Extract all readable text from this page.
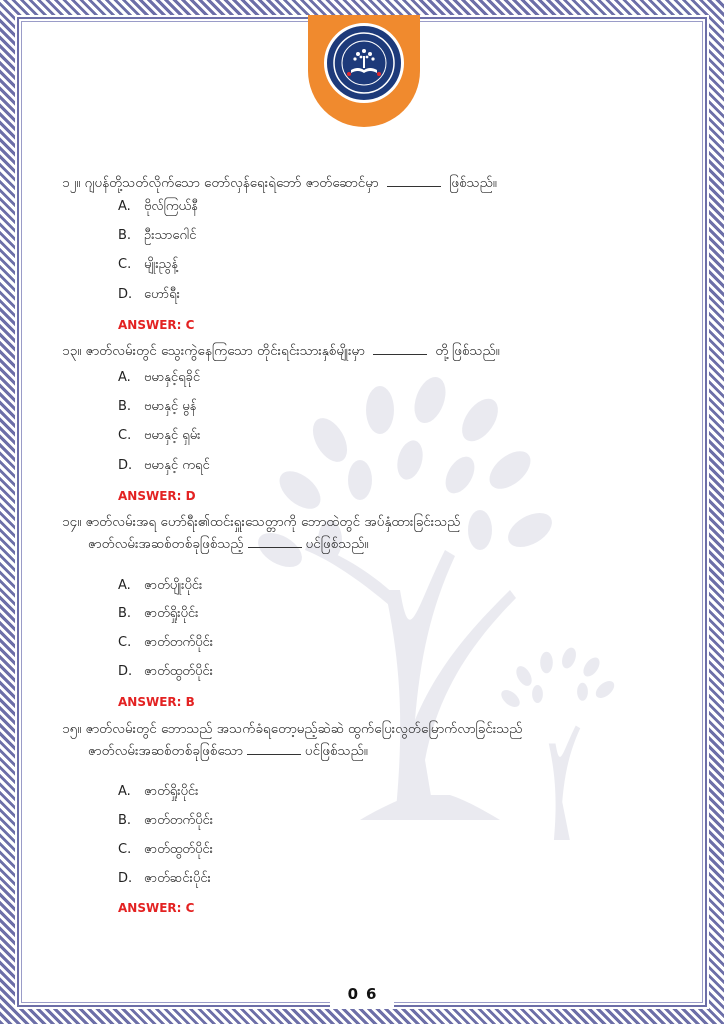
၁၂။ ဂျပန်တို့သတ်လိုက်သော တော်လှန်ရေးရဲဘော် ဇာတ်ဆောင်မှာ	ဖြစ်သည်။
A. ဗိုလ်ကြယ်နီ
B. ဦးသာဂေါင်
C. မျိုးညွန့်
D. ဟော်ရီး
ANSWER: C
၁၃။ ဇာတ်လမ်းတွင် သွေးကွဲနေကြသော တိုင်းရင်းသားနှစ်မျိုးမှာ	တို့ဖြစ်သည်။
A. ဗမာနှင့်ရခိုင်
B. ဗမာနှင့် မွန်
C. ဗမာနှင့် ရှမ်း
D. ဗမာနှင့် ကရင်
ANSWER: D
၁၄။ ဇာတ်လမ်းအရ ဟော်ရီး၏ထင်းရှူးသေတ္တာကို ဘောထဲတွင် အပ်နှံထားခြင်းသည်
ဇာတ်လမ်းအဆစ်တစ်ခုဖြစ်သည့်	ပင်ဖြစ်သည်။
A. ဇာတ်ပျိုးပိုင်း
B. ဇာတ်ရှိုးပိုင်း
C. ဇာတ်တက်ပိုင်း
D. ဇာတ်ထွတ်ပိုင်း
ANSWER: B
၁၅။ ဇာတ်လမ်းတွင် ဘောသည် အသက်ခံရတော့မည့်ဆဲဆဲ ထွက်ပြေးလွတ်မြောက်လာခြင်းသည်
ဇာတ်လမ်းအဆစ်တစ်ခုဖြစ်သော	ပင်ဖြစ်သည်။
A. ဇာတ်ရှိုးပိုင်း
B. ဇာတ်တက်ပိုင်း
C. ဇာတ်ထွတ်ပိုင်း
D. ဇာတ်ဆင်းပိုင်း
ANSWER: C
0 6
